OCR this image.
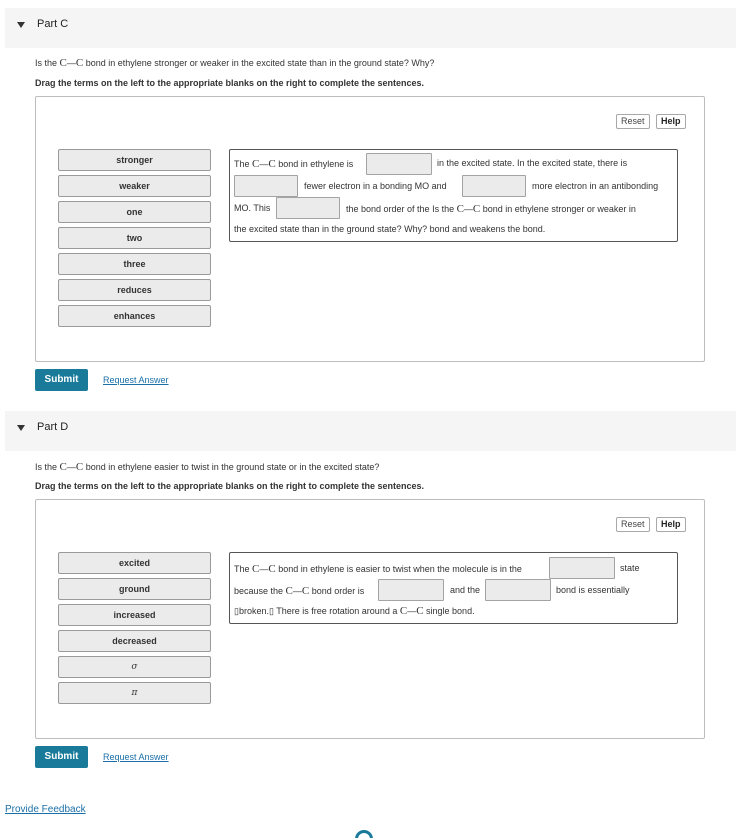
Part C
Is the C—C bond in ethylene stronger or weaker in the excited state than in the ground state? Why?
Drag the terms on the left to the appropriate blanks on the right to complete the sentences.
Reset	Help
stronger
weaker
one
two
three
reduces
enhances
The C—C bond in ethylene is	in the excited state. In the excited state, there is
fewer electron in a bonding MO and	more electron in an antibonding
MO. This	the bond order of the Is the C—C bond in ethylene stronger or weaker in
the excited state than in the ground state? Why? bond and weakens the bond.
Submit	Request Answer
Part D
Is the C—C bond in ethylene easier to twist in the ground state or in the excited state?
Drag the terms on the left to the appropriate blanks on the right to complete the sentences.
Reset	Help
excited
ground
increased
decreased
σ
π
The C—C bond in ethylene is easier to twist when the molecule is in the	state
because the C—C bond order is	and the	bond is essentially
▯broken.▯ There is free rotation around a C—C single bond.
Submit	Request Answer
Provide Feedback
